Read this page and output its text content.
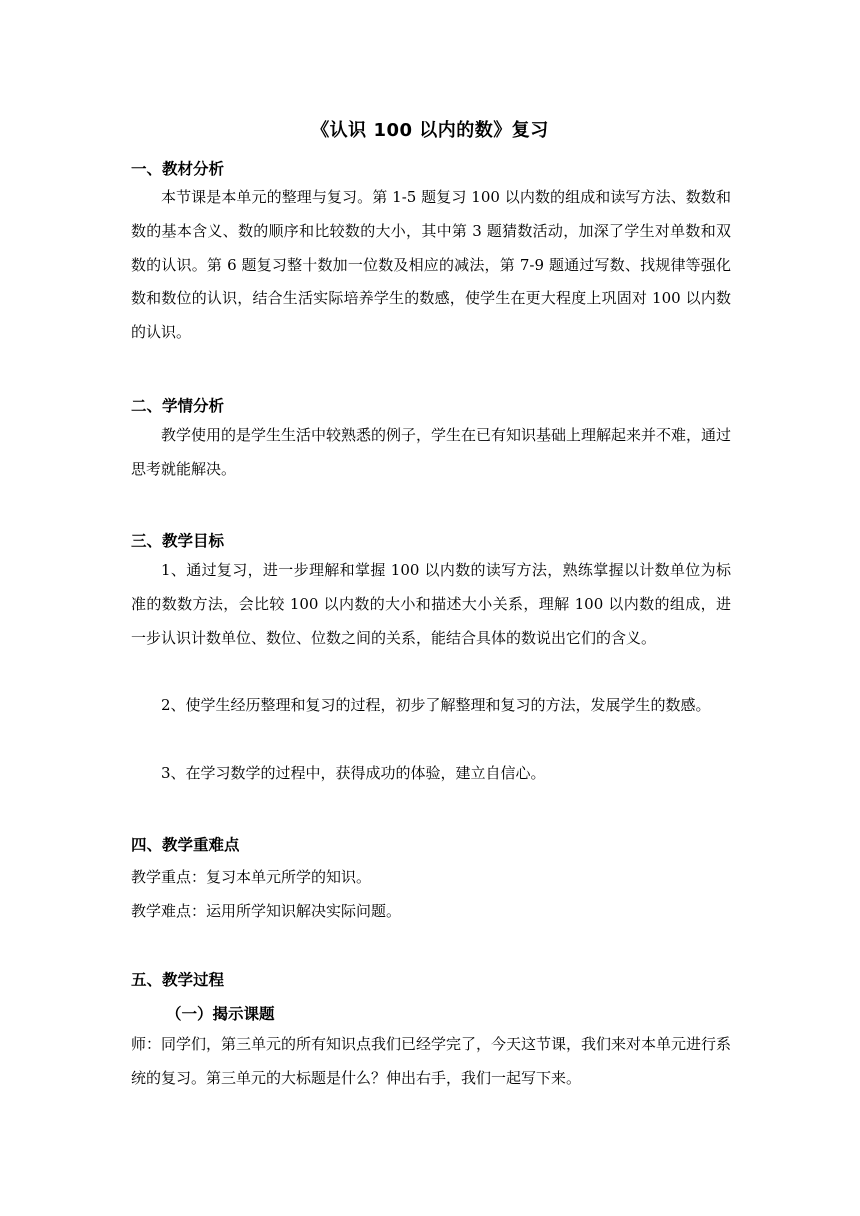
《认识 100 以内的数》复习
一、教材分析

本节课是本单元的整理与复习。第 1-5 题复习 100 以内数的组成和读写方法、数数和数的基本含义、数的顺序和比较数的大小，其中第 3 题猜数活动，加深了学生对单数和双数的认识。第 6 题复习整十数加一位数及相应的减法，第 7-9 题通过写数、找规律等强化数和数位的认识，结合生活实际培养学生的数感，使学生在更大程度上巩固对 100 以内数的认识。

二、学情分析

教学使用的是学生生活中较熟悉的例子，学生在已有知识基础上理解起来并不难，通过思考就能解决。

三、教学目标

1、通过复习，进一步理解和掌握 100 以内数的读写方法，熟练掌握以计数单位为标准的数数方法，会比较 100 以内数的大小和描述大小关系，理解 100 以内数的组成，进一步认识计数单位、数位、位数之间的关系，能结合具体的数说出它们的含义。

2、使学生经历整理和复习的过程，初步了解整理和复习的方法，发展学生的数感。

3、在学习数学的过程中，获得成功的体验，建立自信心。

四、教学重难点
教学重点：复习本单元所学的知识。
教学难点：运用所学知识解决实际问题。
五、教学过程
（一）揭示课题

师：同学们，第三单元的所有知识点我们已经学完了，今天这节课，我们来对本单元进行系统的复习。第三单元的大标题是什么？伸出右手，我们一起写下来。
